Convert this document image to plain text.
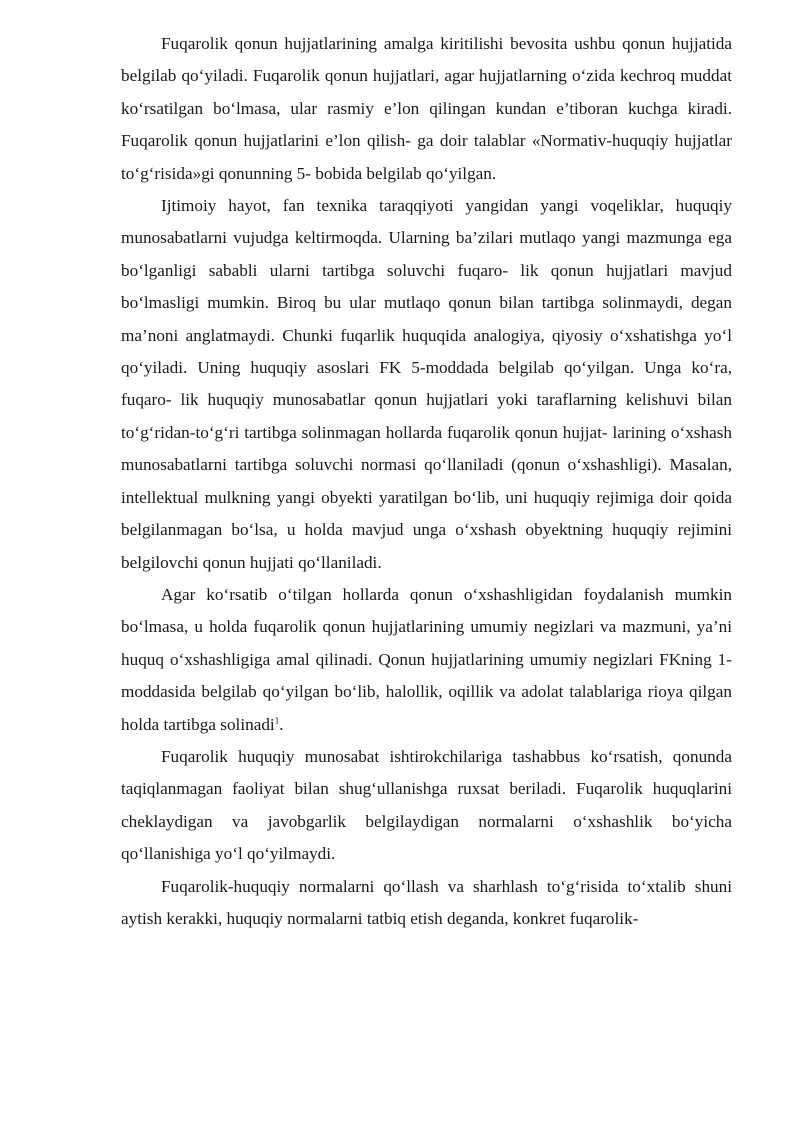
Fuqarolik qonun hujjatlarining amalga kiritilishi bevosita ushbu qonun hujjatida belgilab qo‘yiladi. Fuqarolik qonun hujjatlari, agar hujjatlarning o‘zida kechroq muddat ko‘rsatilgan bo‘lmasa, ular rasmiy e’lon qilingan kundan e’tiboran kuchga kiradi. Fuqarolik qonun hujjatlarini e’lon qilish- ga doir talablar «Normativ-huquqiy hujjatlar to‘g‘risida»gi qonunning 5- bobida belgilab qo‘yilgan.

Ijtimoiy hayot, fan texnika taraqqiyoti yangidan yangi voqeliklar, huquqiy munosabatlarni vujudga keltirmoqda. Ularning ba’zilari mutlaqo yangi mazmunga ega bo‘lganligi sababli ularni tartibga soluvchi fuqaro- lik qonun hujjatlari mavjud bo‘lmasligi mumkin. Biroq bu ular mutlaqo qonun bilan tartibga solinmaydi, degan ma’noni anglatmaydi. Chunki fuqarlik huquqida analogiya, qiyosiy o‘xshatishga yo‘l qo‘yiladi. Uning huquqiy asoslari FK 5-moddada belgilab qo‘yilgan. Unga ko‘ra, fuqaro- lik huquqiy munosabatlar qonun hujjatlari yoki taraflarning kelishuvi bilan to‘g‘ridan-to‘g‘ri tartibga solinmagan hollarda fuqarolik qonun hujjat- larining o‘xshash munosabatlarni tartibga soluvchi normasi qo‘llaniladi (qonun o‘xshashligi). Masalan, intellektual mulkning yangi obyekti yaratilgan bo‘lib, uni huquqiy rejimiga doir qoida belgilanmagan bo‘lsa, u holda mavjud unga o‘xshash obyektning huquqiy rejimini belgilovchi qonun hujjati qo‘llaniladi.

Agar ko‘rsatib o‘tilgan hollarda qonun o‘xshashligidan foydalanish mumkin bo‘lmasa, u holda fuqarolik qonun hujjatlarining umumiy negizlari va mazmuni, ya’ni huquq o‘xshashligiga amal qilinadi. Qonun hujjatlarining umumiy negizlari FKning 1-moddasida belgilab qo‘yilgan bo‘lib, halollik, oqillik va adolat talablariga rioya qilgan holda tartibga solinadi$^1$.

Fuqarolik huquqiy munosabat ishtirokchilariga tashabbus ko‘rsatish, qonunda taqiqlanmagan faoliyat bilan shug‘ullanishga ruxsat beriladi. Fuqarolik huquqlarini cheklaydigan va javobgarlik belgilaydigan normalarni o‘xshashlik bo‘yicha qo‘llanishiga yo‘l qo‘yilmaydi.

Fuqarolik-huquqiy normalarni qo‘llash va sharhlash to‘g‘risida to‘xtalib shuni aytish kerakki, huquqiy normalarni tatbiq etish deganda, konkret fuqarolik-
